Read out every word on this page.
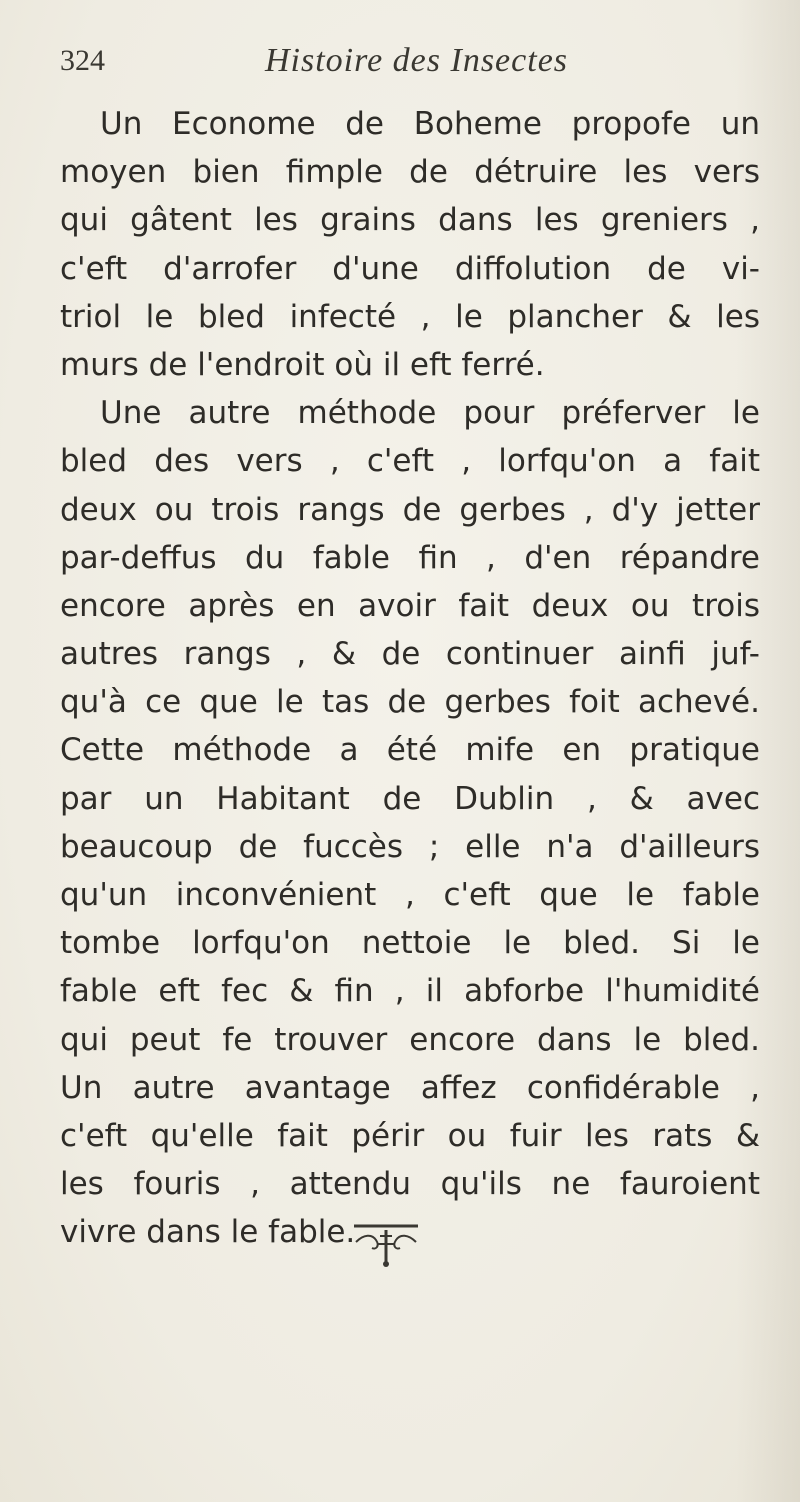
324	Histoire des Insectes
Un Econome de Boheme propofe un
moyen bien fimple de détruire les vers
qui gâtent les grains dans les greniers ,
c'eft d'arrofer d'une diffolution de vi-
triol le bled infecté , le plancher & les
murs de l'endroit où il eft ferré.
Une autre méthode pour préferver le
bled des vers , c'eft , lorfqu'on a fait
deux ou trois rangs de gerbes , d'y jetter
par-deffus du fable fin , d'en répandre
encore après en avoir fait deux ou trois
autres rangs , & de continuer ainfi juf-
qu'à ce que le tas de gerbes foit achevé.
Cette méthode a été mife en pratique
par un Habitant de Dublin , & avec
beaucoup de fuccès ; elle n'a d'ailleurs
qu'un inconvénient , c'eft que le fable
tombe lorfqu'on nettoie le bled. Si le
fable eft fec & fin , il abforbe l'humidité
qui peut fe trouver encore dans le bled.
Un autre avantage affez confidérable ,
c'eft qu'elle fait périr ou fuir les rats &
les fouris , attendu qu'ils ne fauroient
vivre dans le fable.
